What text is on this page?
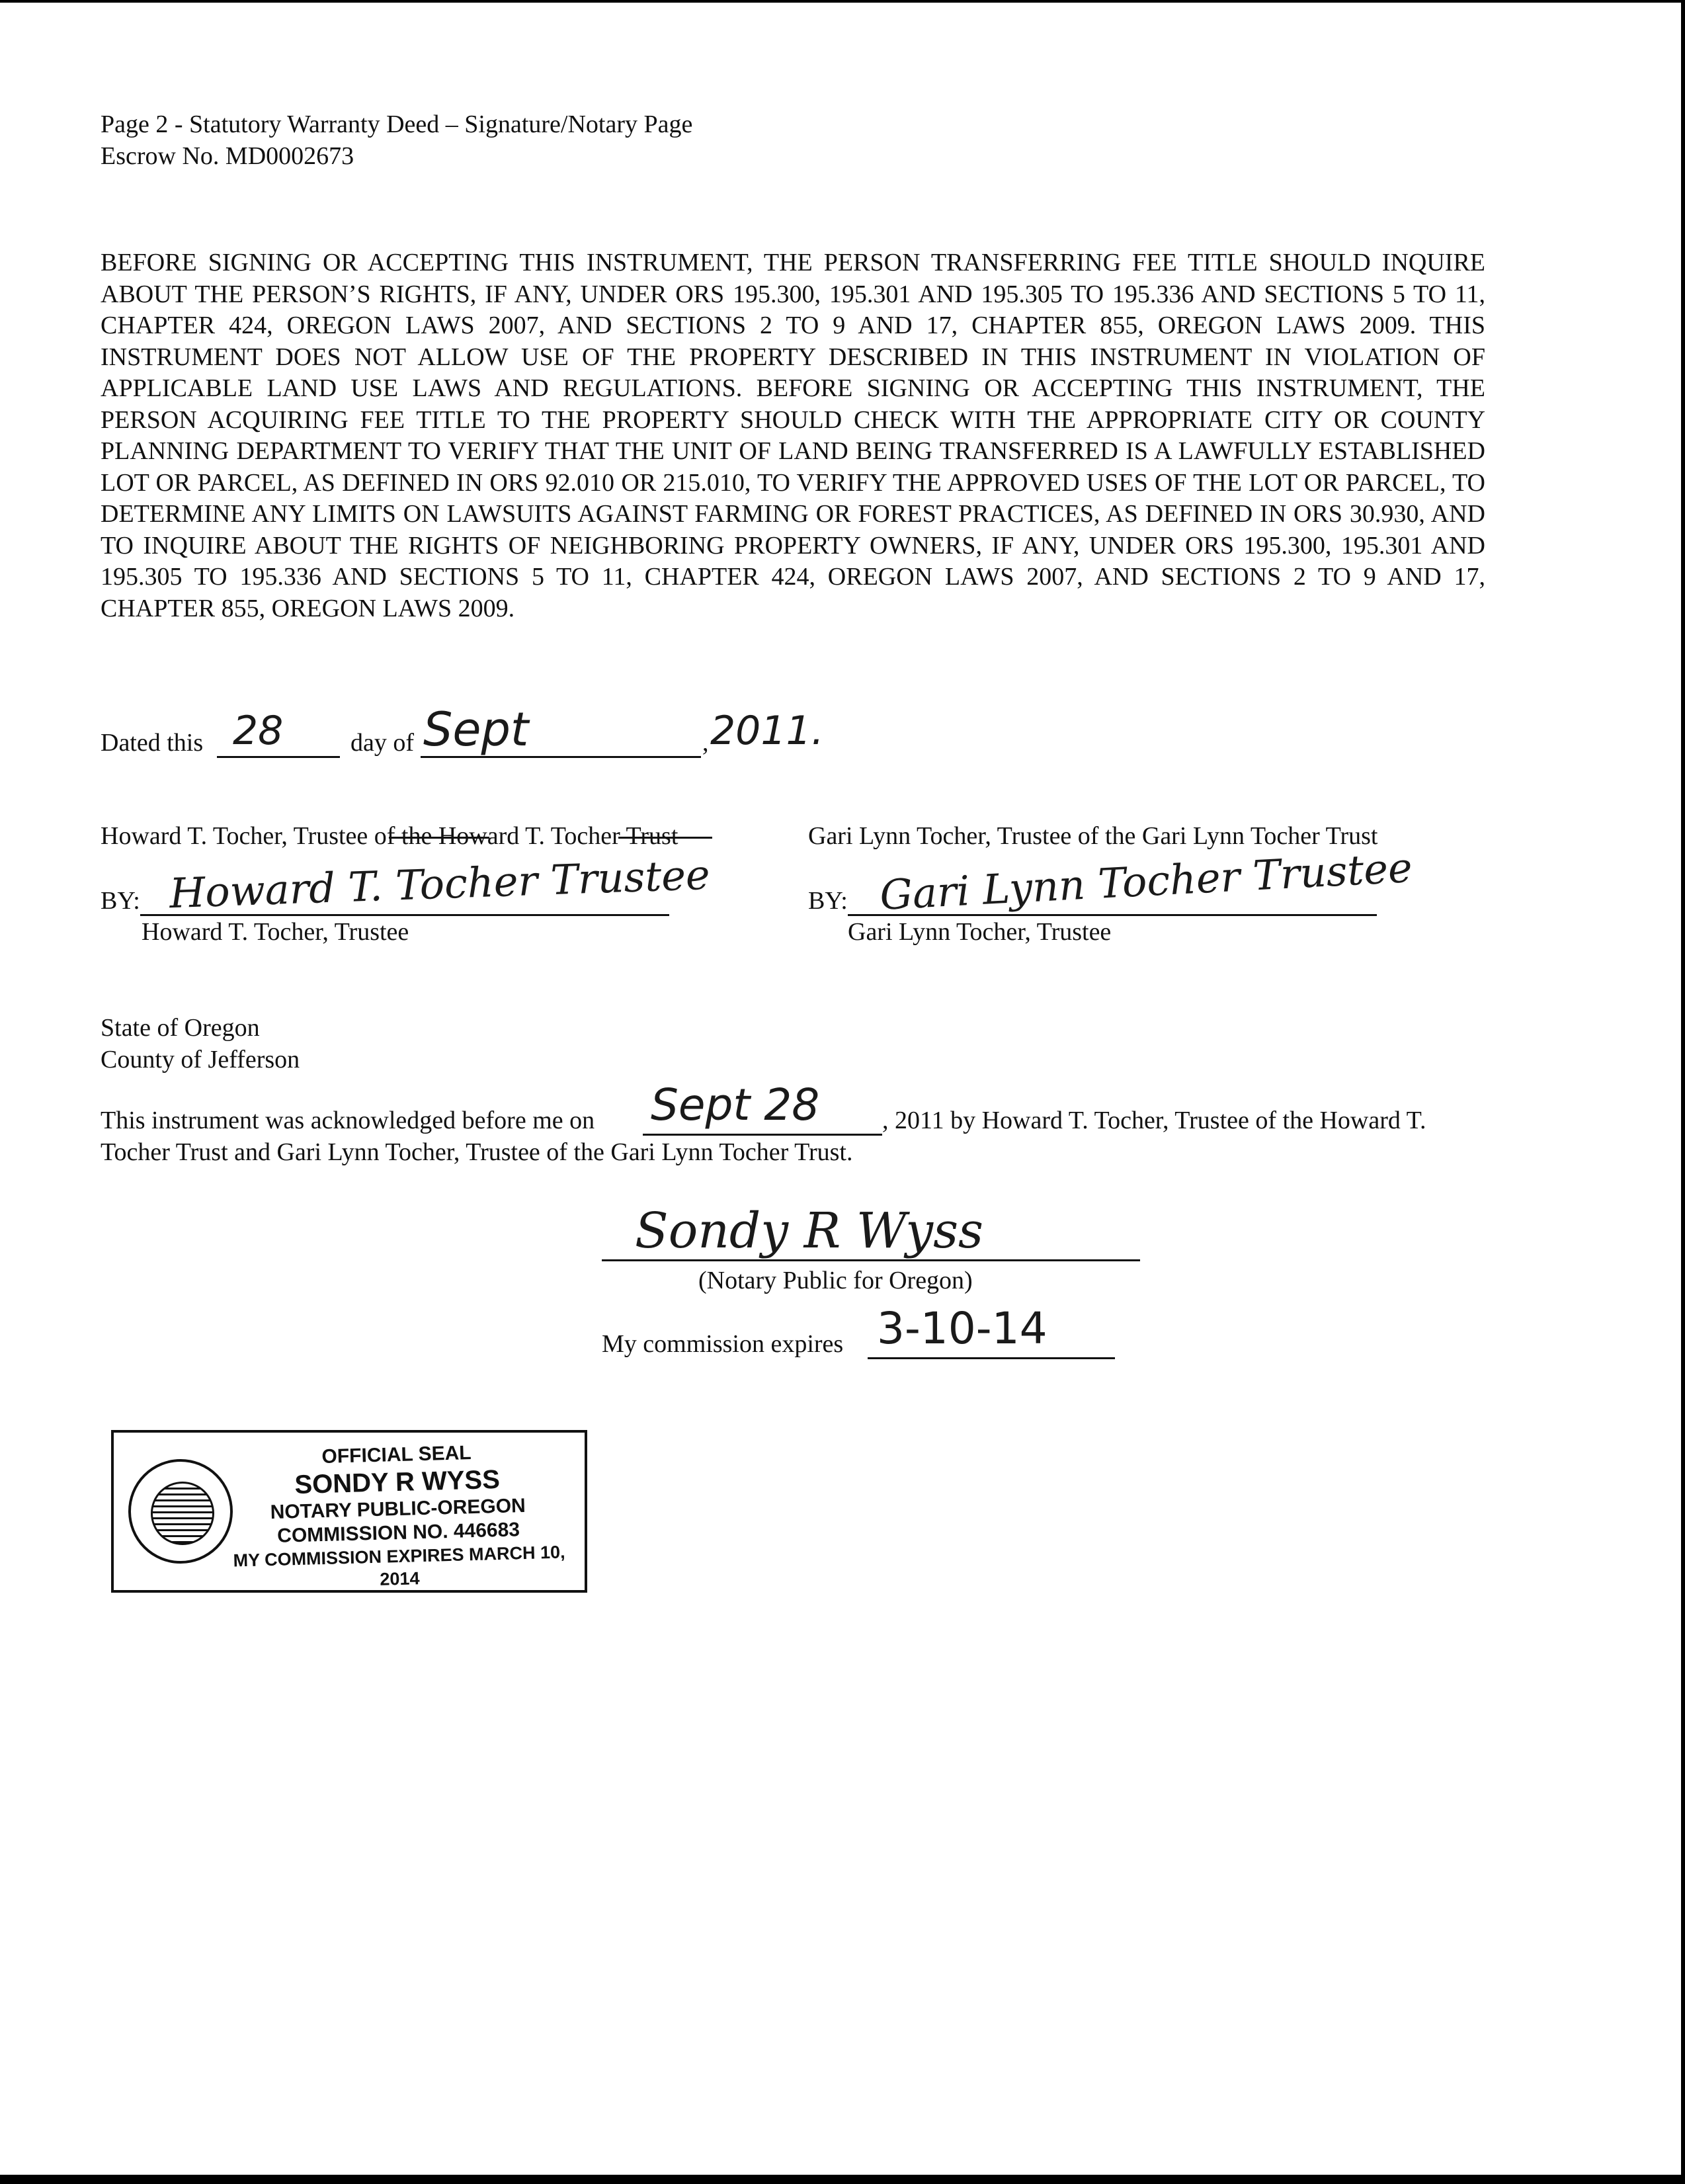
Page 2 - Statutory Warranty Deed – Signature/Notary Page
Escrow No. MD0002673
BEFORE SIGNING OR ACCEPTING THIS INSTRUMENT, THE PERSON TRANSFERRING FEE TITLE SHOULD INQUIRE ABOUT THE PERSON’S RIGHTS, IF ANY, UNDER ORS 195.300, 195.301 AND 195.305 TO 195.336 AND SECTIONS 5 TO 11, CHAPTER 424, OREGON LAWS 2007, AND SECTIONS 2 TO 9 AND 17, CHAPTER 855, OREGON LAWS 2009. THIS INSTRUMENT DOES NOT ALLOW USE OF THE PROPERTY DESCRIBED IN THIS INSTRUMENT IN VIOLATION OF APPLICABLE LAND USE LAWS AND REGULATIONS. BEFORE SIGNING OR ACCEPTING THIS INSTRUMENT, THE PERSON ACQUIRING FEE TITLE TO THE PROPERTY SHOULD CHECK WITH THE APPROPRIATE CITY OR COUNTY PLANNING DEPARTMENT TO VERIFY THAT THE UNIT OF LAND BEING TRANSFERRED IS A LAWFULLY ESTABLISHED LOT OR PARCEL, AS DEFINED IN ORS 92.010 OR 215.010, TO VERIFY THE APPROVED USES OF THE LOT OR PARCEL, TO DETERMINE ANY LIMITS ON LAWSUITS AGAINST FARMING OR FOREST PRACTICES, AS DEFINED IN ORS 30.930, AND TO INQUIRE ABOUT THE RIGHTS OF NEIGHBORING PROPERTY OWNERS, IF ANY, UNDER ORS 195.300, 195.301 AND 195.305 TO 195.336 AND SECTIONS 5 TO 11, CHAPTER 424, OREGON LAWS 2007, AND SECTIONS 2 TO 9 AND 17, CHAPTER 855, OREGON LAWS 2009.
Dated this 28	day of Sept	, 2011.
Howard T. Tocher, Trustee of the Howard T. Tocher Trust
BY: Howard T. Tocher Trustee
Howard T. Tocher, Trustee
Gari Lynn Tocher, Trustee of the Gari Lynn Tocher Trust
BY: Gari Lynn Tocher Trustee
Gari Lynn Tocher, Trustee
State of Oregon
County of Jefferson
This instrument was acknowledged before me on Sept 28 , 2011 by Howard T. Tocher, Trustee of the Howard T.
Tocher Trust and Gari Lynn Tocher, Trustee of the Gari Lynn Tocher Trust.
Sondy R Wyss
(Notary Public for Oregon)
My commission expires 3-10-14
OFFICIAL SEAL
SONDY R WYSS
NOTARY PUBLIC-OREGON
COMMISSION NO. 446683
MY COMMISSION EXPIRES MARCH 10, 2014
